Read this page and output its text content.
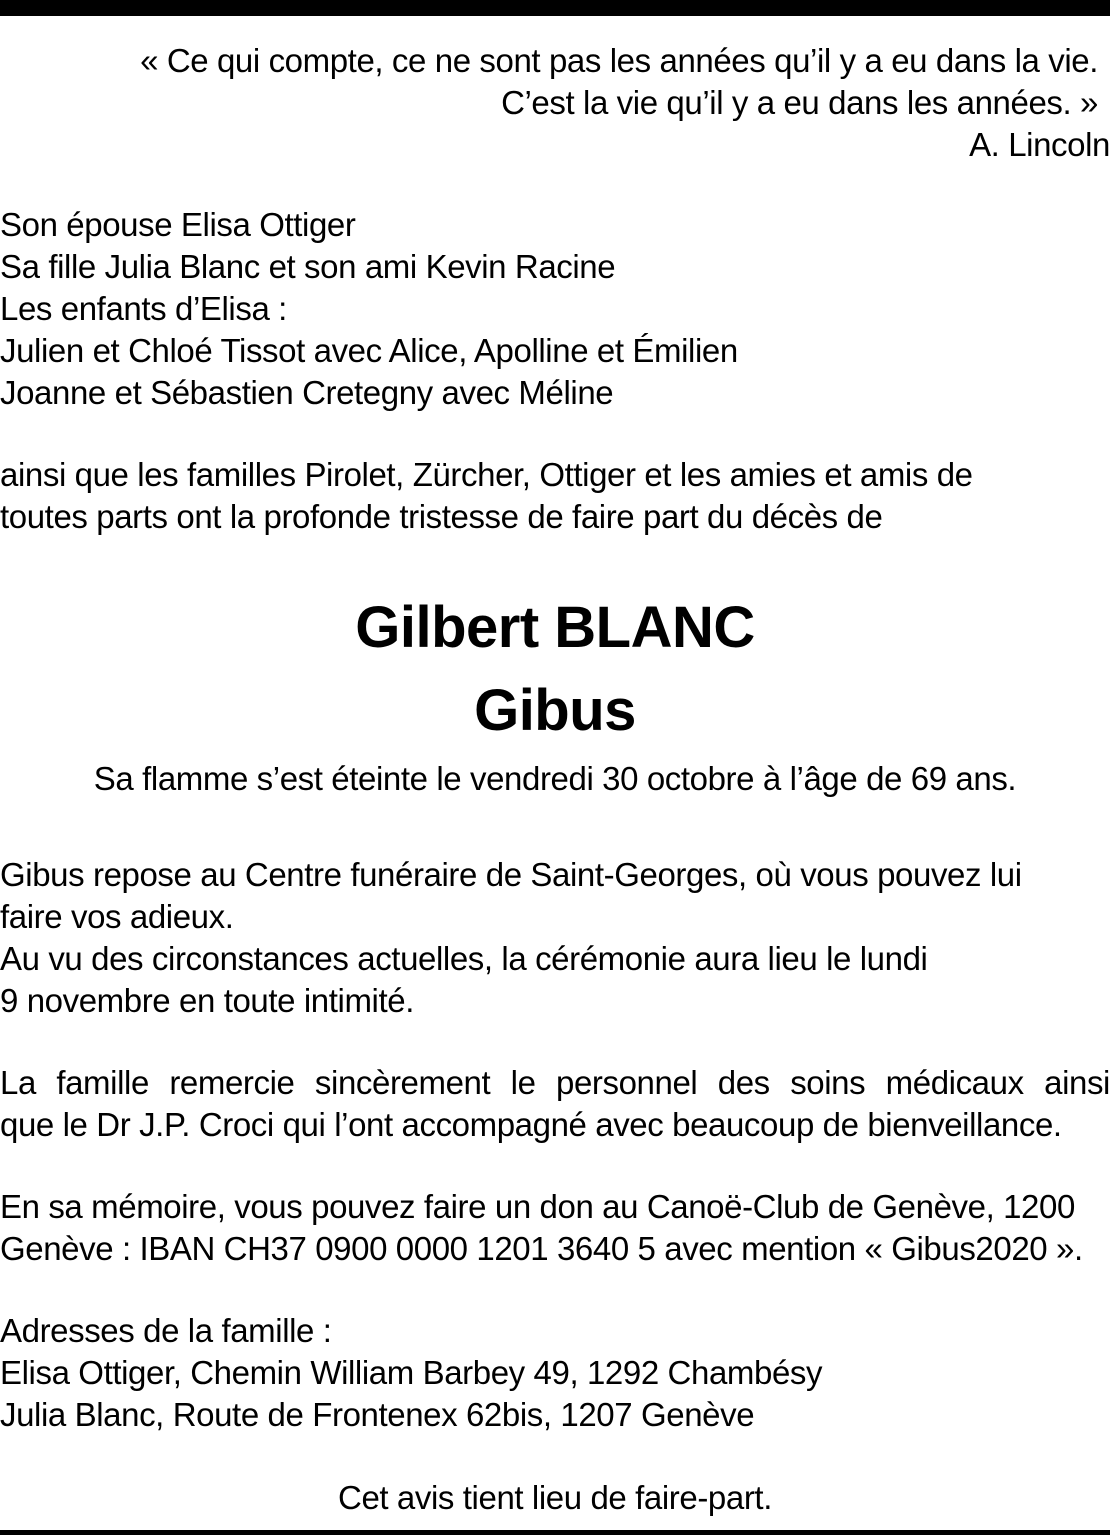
« Ce qui compte, ce ne sont pas les années qu’il y a eu dans la vie.
C’est la vie qu’il y a eu dans les années. »
A. Lincoln
Son épouse Elisa Ottiger
Sa fille Julia Blanc et son ami Kevin Racine
Les enfants d’Elisa :
Julien et Chloé Tissot avec Alice, Apolline et Émilien
Joanne et Sébastien Cretegny avec Méline
ainsi que les familles Pirolet, Zürcher, Ottiger et les amies et amis de
toutes parts ont la profonde tristesse de faire part du décès de
Gilbert BLANC
Gibus
Sa flamme s’est éteinte le vendredi 30 octobre à l’âge de 69 ans.
Gibus repose au Centre funéraire de Saint-Georges, où vous pouvez lui
faire vos adieux.
Au vu des circonstances actuelles, la cérémonie aura lieu le lundi
9 novembre en toute intimité.
La famille remercie sincèrement le personnel des soins médicaux ainsi
que le Dr J.P. Croci qui l’ont accompagné avec beaucoup de bienveillance.
En sa mémoire, vous pouvez faire un don au Canoë-Club de Genève, 1200
Genève : IBAN CH37 0900 0000 1201 3640 5 avec mention « Gibus2020 ».
Adresses de la famille :
Elisa Ottiger, Chemin William Barbey 49, 1292 Chambésy
Julia Blanc, Route de Frontenex 62bis, 1207 Genève
Cet avis tient lieu de faire-part.
